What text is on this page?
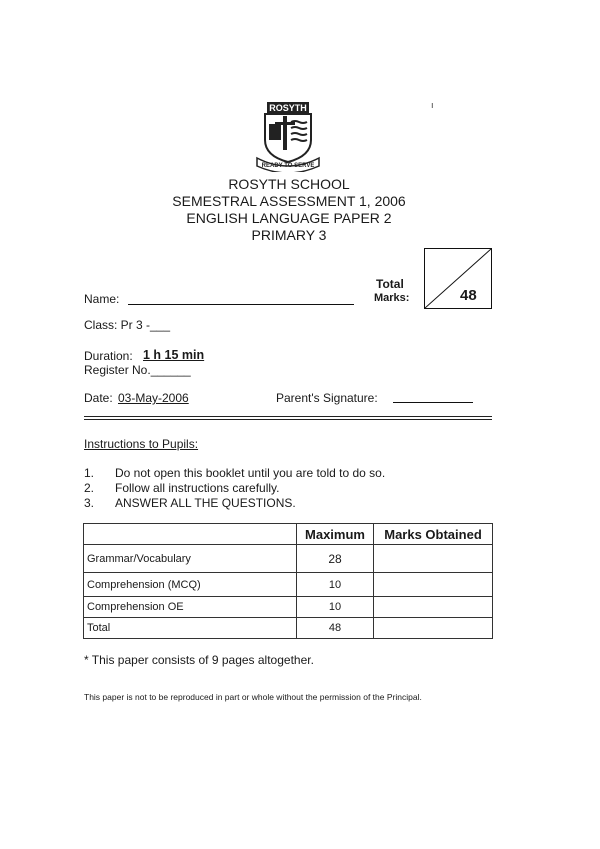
ROSYTH
READY TO SERVE
ı
ROSYTH SCHOOL
SEMESTRAL ASSESSMENT 1, 2006
ENGLISH LANGUAGE PAPER 2
PRIMARY 3
Total
Marks:	48
Name:
Class: Pr 3 -___
Duration: 1 h 15 min
Register No.______
Date: 03-May-2006	Parent's Signature:
Instructions to Pupils:
1. Do not open this booklet until you are told to do so.
2. Follow all instructions carefully.
3. ANSWER ALL THE QUESTIONS.
	Maximum	Marks Obtained
Grammar/Vocabulary	28	
Comprehension (MCQ)	10	
Comprehension OE	10	
Total	48	
* This paper consists of 9 pages altogether.
This paper is not to be reproduced in part or whole without the permission of the Principal.
